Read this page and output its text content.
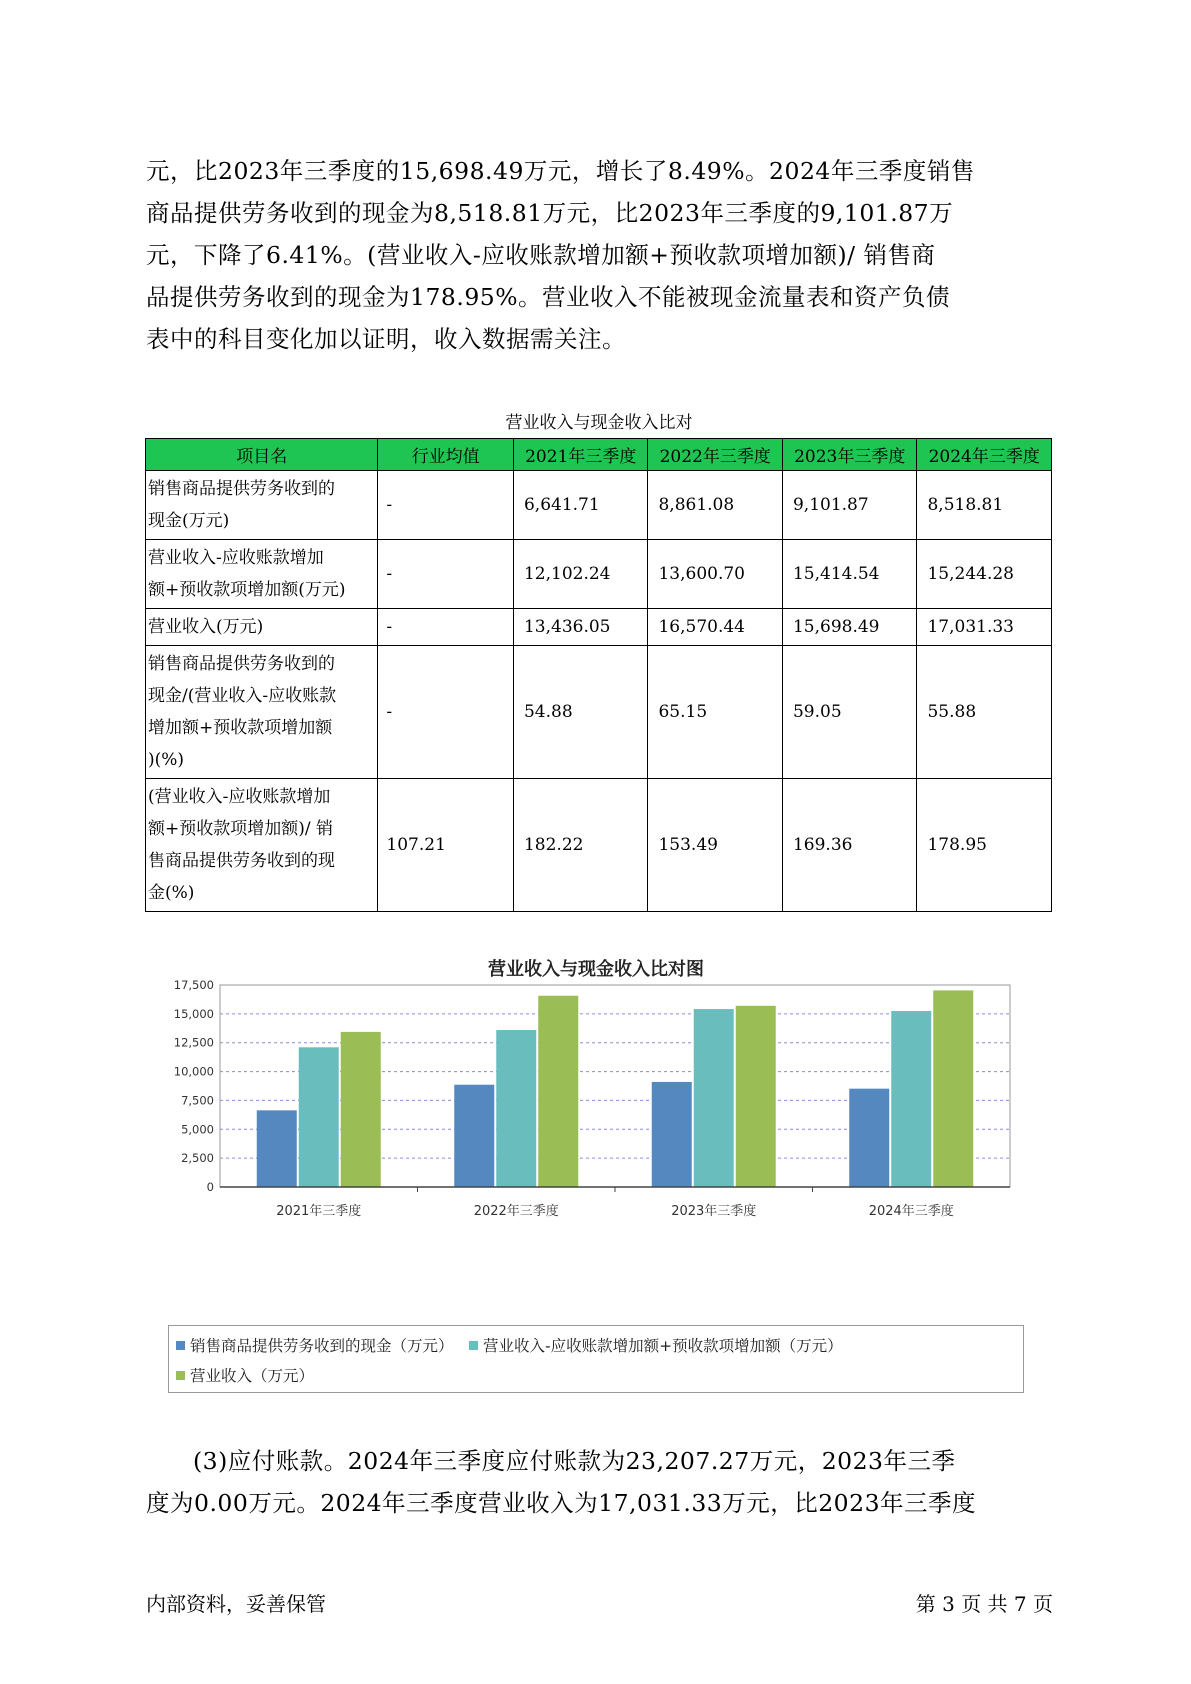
元，比2023年三季度的15,698.49万元，增长了8.49%。2024年三季度销售
商品提供劳务收到的现金为8,518.81万元，比2023年三季度的9,101.87万
元，下降了6.41%。(营业收入-应收账款增加额+预收款项增加额)/ 销售商
品提供劳务收到的现金为178.95%。营业收入不能被现金流量表和资产负债
表中的科目变化加以证明，收入数据需关注。
营业收入与现金收入比对
项目名	行业均值	2021年三季度	2022年三季度	2023年三季度	2024年三季度
销售商品提供劳务收到的
现金(万元)	-	6,641.71	8,861.08	9,101.87	8,518.81
营业收入-应收账款增加
额+预收款项增加额(万元)	-	12,102.24	13,600.70	15,414.54	15,244.28
营业收入(万元)	-	13,436.05	16,570.44	15,698.49	17,031.33
销售商品提供劳务收到的
现金/(营业收入-应收账款
增加额+预收款项增加额
)(%)	-	54.88	65.15	59.05	55.88
(营业收入-应收账款增加
额+预收款项增加额)/ 销
售商品提供劳务收到的现
金(%)	107.21	182.22	153.49	169.36	178.95
营业收入与现金收入比对图
0
2,500
5,000
7,500
10,000
12,500
15,000
17,500
2021年三季度	2022年三季度	2023年三季度	2024年三季度
销售商品提供劳务收到的现金（万元）	营业收入-应收账款增加额+预收款项增加额（万元）
营业收入（万元）
(3)应付账款。2024年三季度应付账款为23,207.27万元，2023年三季
度为0.00万元。2024年三季度营业收入为17,031.33万元，比2023年三季度
内部资料，妥善保管	第 3 页 共 7 页
